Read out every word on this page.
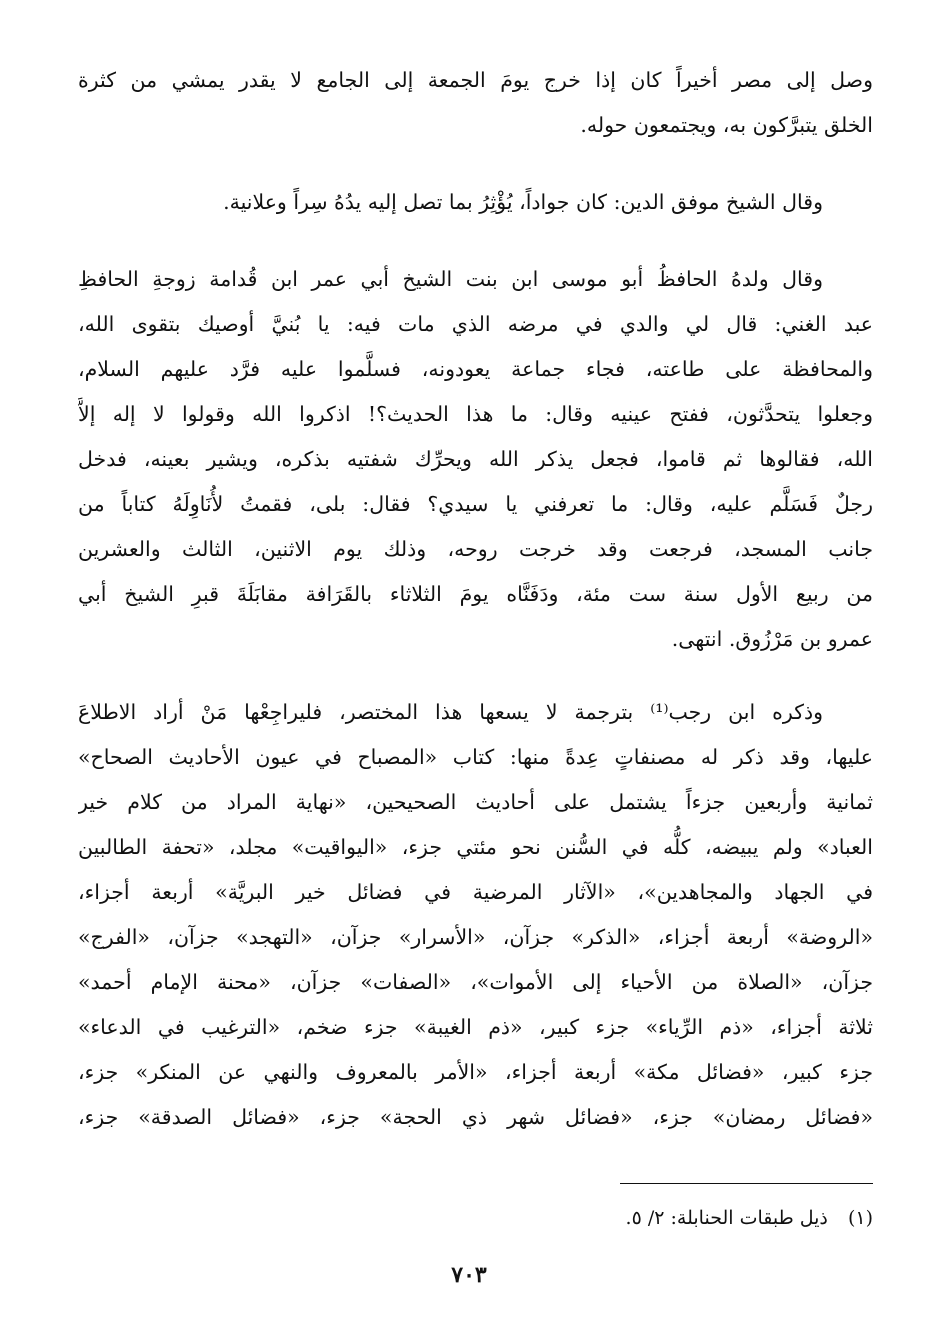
وصل إلى مصر أخيراً كان إذا خرج يومَ الجمعة إلى الجامع لا يقدر يمشي من كثرة
الخلق يتبرَّكون به، ويجتمعون حوله.
وقال الشيخ موفق الدين: كان جواداً، يُؤْثِرُ بما تصل إليه يدُهُ سِراً وعلانية.
وقال ولدهُ الحافظُ أبو موسى ابن بنت الشيخ أبي عمر ابن قُدامة زوجةِ الحافظِ
عبد الغني: قال لي والدي في مرضه الذي مات فيه: يا بُنيَّ أوصيك بتقوى الله،
والمحافظة على طاعته، فجاء جماعة يعودونه، فسلَّموا عليه فرَّد عليهم السلام،
وجعلوا يتحدَّثون، ففتح عينيه وقال: ما هذا الحديث؟! اذكروا الله وقولوا لا إله إلاَّ
الله، فقالوها ثم قاموا، فجعل يذكر الله ويحرِّك شفتيه بذكره، ويشير بعينه، فدخل
رجلٌ فَسَلَّم عليه، وقال: ما تعرفني يا سيدي؟ فقال: بلى، فقمتُ لأُنَاوِلَهُ كتاباً من
جانب المسجد، فرجعت وقد خرجت روحه، وذلك يوم الاثنين، الثالث والعشرين
من ربيع الأول سنة ست مئة، ودَفَنَّاه يومَ الثلاثاء بالقَرَافة مقابَلَةَ قبرِ الشيخ أبي
عمرو بن مَرْزُوق. انتهى.
وذكره ابن رجب⁽¹⁾ بترجمة لا يسعها هذا المختصر، فليراجِعْها مَنْ أراد الاطلاعَ
عليها، وقد ذكر له مصنفاتٍ عِدةً منها: كتاب «المصباح في عيون الأحاديث الصحاح»
ثمانية وأربعين جزءاً يشتمل على أحاديث الصحيحين، «نهاية المراد من كلام خير
العباد» ولم يبيضه، كلُّه في السُّنن نحو مئتي جزء، «اليواقيت» مجلد، «تحفة الطالبين
في الجهاد والمجاهدين»، «الآثار المرضية في فضائل خير البريَّة» أربعة أجزاء،
«الروضة» أربعة أجزاء، «الذكر» جزآن، «الأسرار» جزآن، «التهجد» جزآن، «الفرج»
جزآن، «الصلاة من الأحياء إلى الأموات»، «الصفات» جزآن، «محنة الإمام أحمد»
ثلاثة أجزاء، «ذم الرِّياء» جزء كبير، «ذم الغيبة» جزء ضخم، «الترغيب في الدعاء»
جزء كبير، «فضائل مكة» أربعة أجزاء، «الأمر بالمعروف والنهي عن المنكر» جزء،
«فضائل رمضان» جزء، «فضائل شهر ذي الحجة» جزء، «فضائل الصدقة» جزء،
(١) ذيل طبقات الحنابلة: ٢/ ٥.
٧٠٣
